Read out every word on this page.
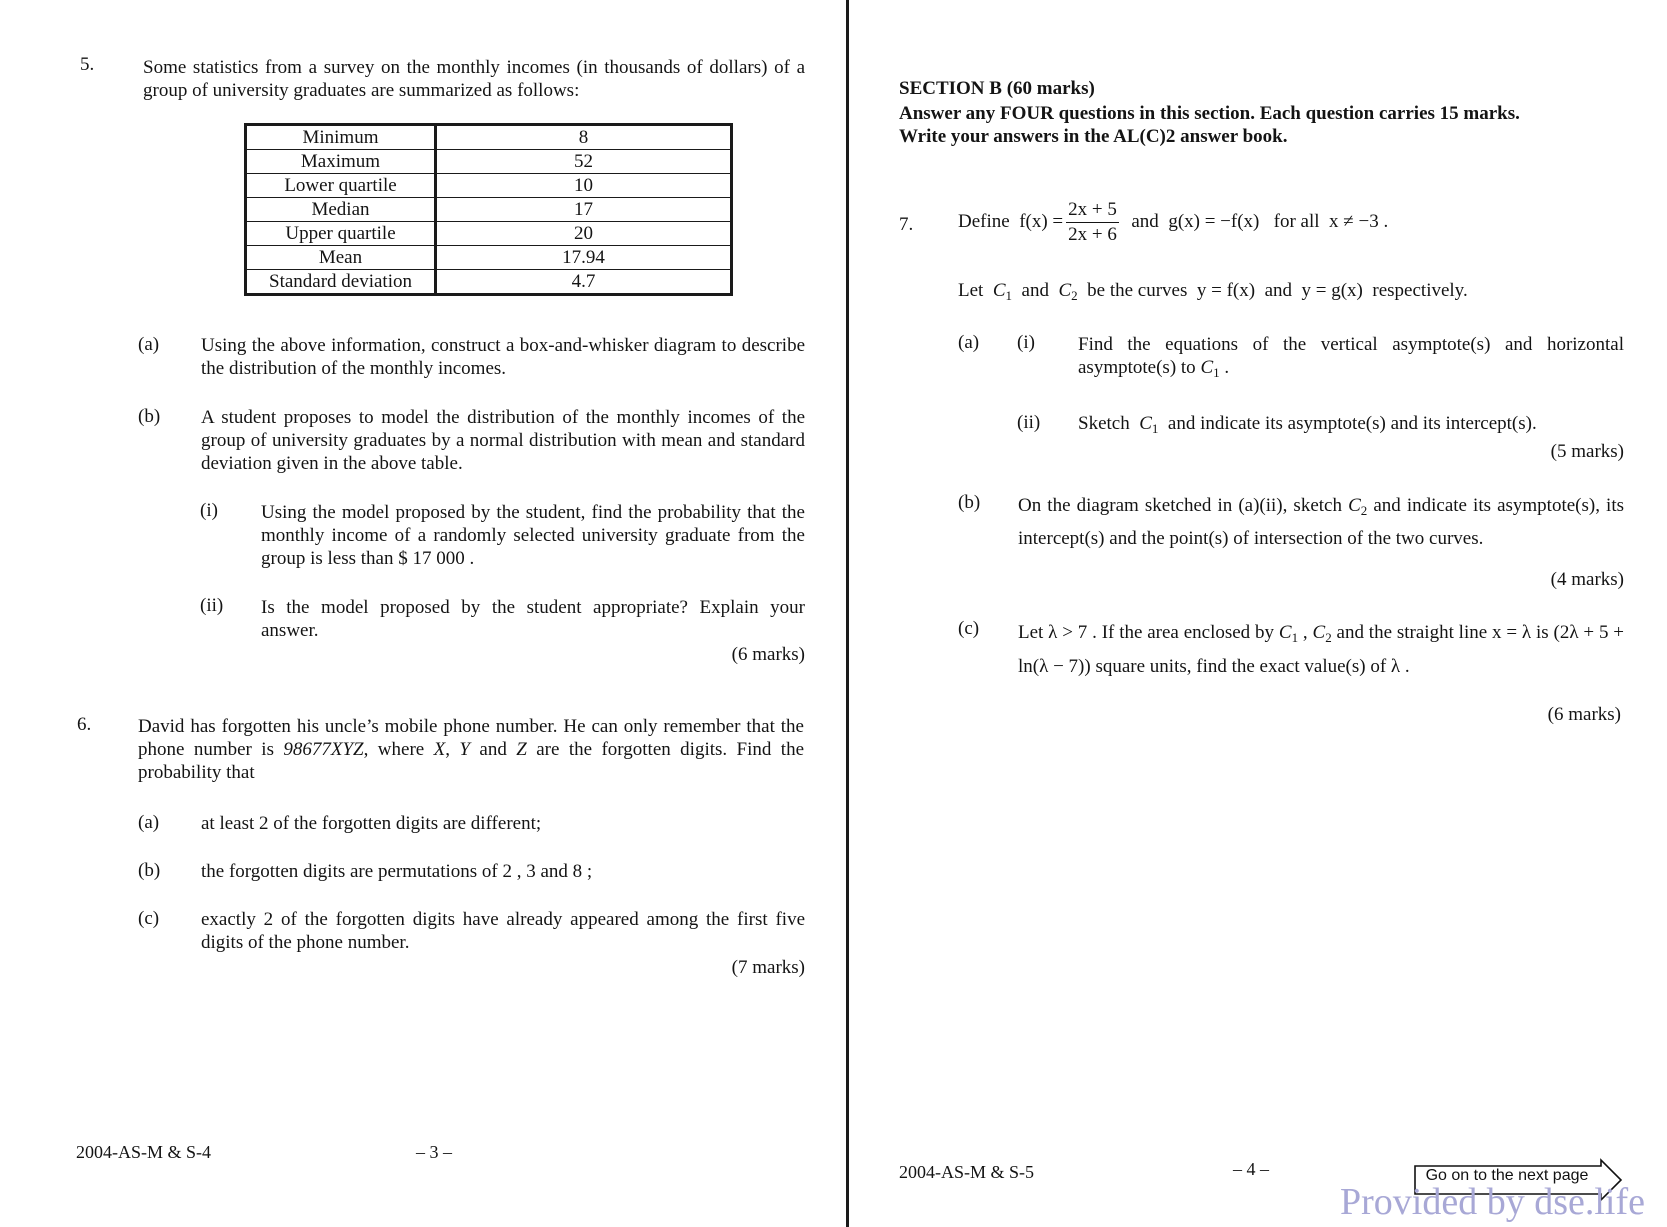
5.	Some statistics from a survey on the monthly incomes (in thousands of dollars) of a group of university graduates are summarized as follows:
Minimum	8
Maximum	52
Lower quartile	10
Median	17
Upper quartile	20
Mean	17.94
Standard deviation	4.7
(a) Using the above information, construct a box-and-whisker diagram to describe the distribution of the monthly incomes.
(b) A student proposes to model the distribution of the monthly incomes of the group of university graduates by a normal distribution with mean and standard deviation given in the above table.
(i) Using the model proposed by the student, find the probability that the monthly income of a randomly selected university graduate from the group is less than $ 17 000 .
(ii) Is the model proposed by the student appropriate? Explain your answer.
(6 marks)
6. David has forgotten his uncle’s mobile phone number. He can only remember that the phone number is 98677XYZ, where X, Y and Z are the forgotten digits. Find the probability that
(a) at least 2 of the forgotten digits are different;
(b) the forgotten digits are permutations of 2 , 3 and 8 ;
(c) exactly 2 of the forgotten digits have already appeared among the first five digits of the phone number.
(7 marks)
2004-AS-M & S-4	– 3 –
SECTION B (60 marks)
Answer any FOUR questions in this section. Each question carries 15 marks.
Write your answers in the AL(C)2 answer book.
7. Define $f(x) = \frac{2x + 5}{2x + 6}$ and g(x) = −f(x) for all x ≠ −3 .
Let $C_1$ and $C_2$ be the curves y = f(x) and y = g(x) respectively.
(a) (i) Find the equations of the vertical asymptote(s) and horizontal asymptote(s) to $C_1$ .
(ii) Sketch $C_1$ and indicate its asymptote(s) and its intercept(s).
(5 marks)
(b) On the diagram sketched in (a)(ii), sketch $C_2$ and indicate its asymptote(s), its intercept(s) and the point(s) of intersection of the two curves.
(4 marks)
(c) Let λ > 7 . If the area enclosed by $C_1$ , $C_2$ and the straight line x = λ is (2λ + 5 + ln(λ − 7)) square units, find the exact value(s) of λ .
(6 marks)
2004-AS-M & S-5	– 4 –	Go on to the next page
Provided by dse.life
